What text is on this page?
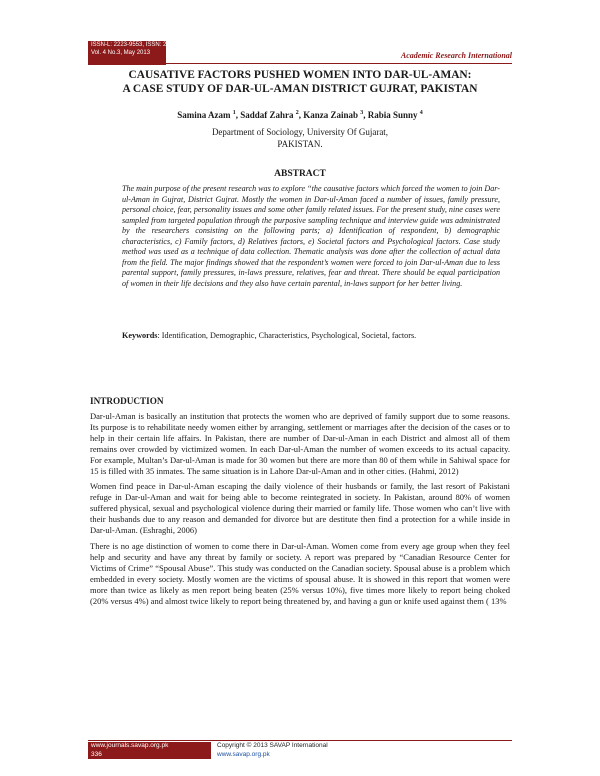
ISSN-L: 2223-9553, ISSN: 2223-9944
Vol. 4 No.3, May 2013	Academic Research International
CAUSATIVE FACTORS PUSHED WOMEN INTO DAR-UL-AMAN:
A CASE STUDY OF DAR-UL-AMAN DISTRICT GUJRAT, PAKISTAN
Samina Azam $^1$, Saddaf Zahra $^2$, Kanza Zainab $^3$, Rabia Sunny $^4$
Department of Sociology, University Of Gujarat,
PAKISTAN.
ABSTRACT
The main purpose of the present research was to explore “the causative factors which forced the women to join Dar-ul-Aman in Gujrat, District Gujrat. Mostly the women in Dar-ul-Aman faced a number of issues, family pressure, personal choice, fear, personality issues and some other family related issues. For the present study, nine cases were sampled from targeted population through the purposive sampling technique and interview guide was administrated by the researchers consisting on the following parts; a) Identification of respondent, b) demographic characteristics, c) Family factors, d) Relatives factors, e) Societal factors and Psychological factors. Case study method was used as a technique of data collection. Thematic analysis was done after the collection of actual data from the field. The major findings showed that the respondent’s women were forced to join Dar-ul-Aman due to less parental support, family pressures, in-laws pressure, relatives, fear and threat. There should be equal participation of women in their life decisions and they also have certain parental, in-laws support for her better living.
Keywords: Identification, Demographic, Characteristics, Psychological, Societal, factors.
INTRODUCTION

Dar-ul-Aman is basically an institution that protects the women who are deprived of family support due to some reasons. Its purpose is to rehabilitate needy women either by arranging, settlement or marriages after the decision of the cases or to help in their certain life affairs. In Pakistan, there are number of Dar-ul-Aman in each District and almost all of them remains over crowded by victimized women. In each Dar-ul-Aman the number of women exceeds to its actual capacity. For example, Multan’s Dar-ul-Aman is made for 30 women but there are more than 80 of them while in Sahiwal space for 15 is filled with 35 inmates. The same situation is in Lahore Dar-ul-Aman and in other cities. (Hahmi, 2012)

Women find peace in Dar-ul-Aman escaping the daily violence of their husbands or family, the last resort of Pakistani refuge in Dar-ul-Aman and wait for being able to become reintegrated in society. In Pakistan, around 80% of women suffered physical, sexual and psychological violence during their married or family life. Those women who can’t live with their husbands due to any reason and demanded for divorce but are destitute then find a protection for a while inside in Dar-ul-Aman. (Eshraghi, 2006)

There is no age distinction of women to come there in Dar-ul-Aman. Women come from every age group when they feel help and security and have any threat by family or society. A report was prepared by “Canadian Resource Center for Victims of Crime” “Spousal Abuse”. This study was conducted on the Canadian society. Spousal abuse is a problem which embedded in every society. Mostly women are the victims of spousal abuse. It is showed in this report that women were more than twice as likely as men report being beaten (25% versus 10%), five times more likely to report being choked (20% versus 4%) and almost twice likely to report being threatened by, and having a gun or knife used against them ( 13%

www.journals.savap.org.pk
336
Copyright © 2013 SAVAP International
www.savap.org.pk
